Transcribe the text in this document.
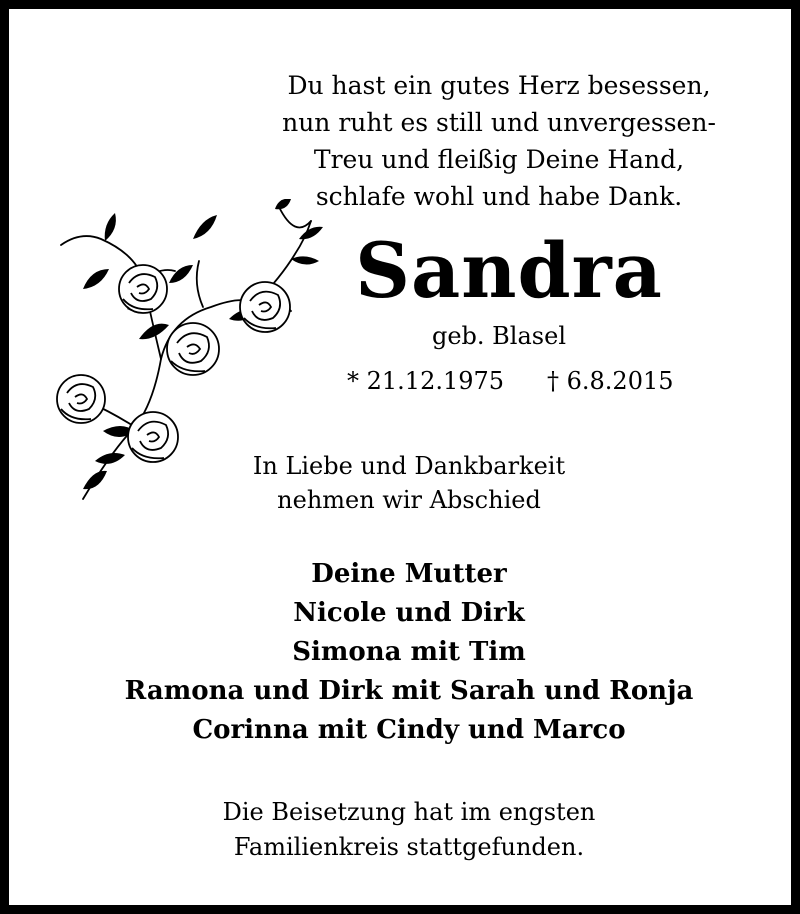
Du hast ein gutes Herz besessen,
nun ruht es still und unvergessen-
Treu und fleißig Deine Hand,
schlafe wohl und habe Dank.
Sandra
geb. Blasel
* 21.12.1975 † 6.8.2015
In Liebe und Dankbarkeit
nehmen wir Abschied
Deine Mutter
Nicole und Dirk
Simona mit Tim
Ramona und Dirk mit Sarah und Ronja
Corinna mit Cindy und Marco
Die Beisetzung hat im engsten
Familienkreis stattgefunden.
